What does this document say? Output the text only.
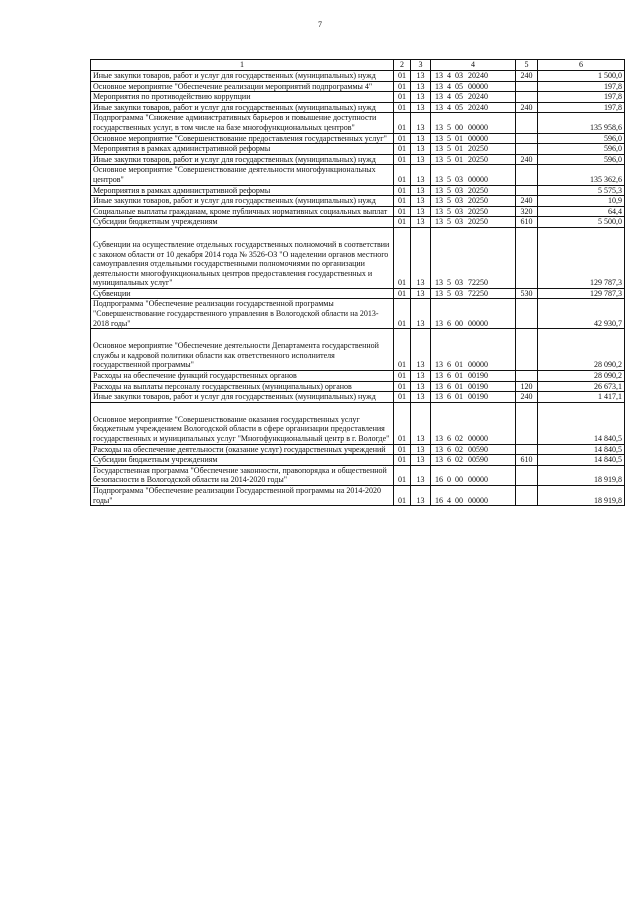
7
1	2	3	4	5	6
Иные закупки товаров, работ и услуг для государственных (муниципальных) нужд	01	13	13 4 03 20240	240	1 500,0
Основное мероприятие "Обеспечение реализации мероприятий подпрограммы 4"	01	13	13 4 05 00000		197,8
Мероприятия по противодействию коррупции	01	13	13 4 05 20240		197,8
Иные закупки товаров, работ и услуг для государственных (муниципальных) нужд	01	13	13 4 05 20240	240	197,8
Подпрограмма "Снижение административных барьеров и повышение доступности государственных услуг, в том числе на базе многофункциональных центров"	01	13	13 5 00 00000		135 958,6
Основное мероприятие "Совершенствование предоставления государственных услуг"	01	13	13 5 01 00000		596,0
Мероприятия в рамках административной реформы	01	13	13 5 01 20250		596,0
Иные закупки товаров, работ и услуг для государственных (муниципальных) нужд	01	13	13 5 01 20250	240	596,0
Основное мероприятие "Совершенствование деятельности многофункциональных центров"	01	13	13 5 03 00000		135 362,6
Мероприятия в рамках административной реформы	01	13	13 5 03 20250		5 575,3
Иные закупки товаров, работ и услуг для государственных (муниципальных) нужд	01	13	13 5 03 20250	240	10,9
Социальные выплаты гражданам, кроме публичных нормативных социальных выплат	01	13	13 5 03 20250	320	64,4
Субсидии бюджетным учреждениям	01	13	13 5 03 20250	610	5 500,0
Субвенции на осуществление отдельных государственных полномочий в соответствии с законом области от 10 декабря 2014 года № 3526-ОЗ "О наделении органов местного самоуправления отдельными государственными полномочиями по организации деятельности многофункциональных центров предоставления государственных и муниципальных услуг"	01	13	13 5 03 72250		129 787,3
Субвенции	01	13	13 5 03 72250	530	129 787,3
Подпрограмма "Обеспечение реализации государственной программы "Совершенствование государственного управления в Вологодской области на 2013-2018 годы"	01	13	13 6 00 00000		42 930,7
Основное мероприятие "Обеспечение деятельности Департамента государственной службы и кадровой политики области как ответственного исполнителя государственной программы"	01	13	13 6 01 00000		28 090,2
Расходы на обеспечение функций государственных органов	01	13	13 6 01 00190		28 090,2
Расходы на выплаты персоналу государственных (муниципальных) органов	01	13	13 6 01 00190	120	26 673,1
Иные закупки товаров, работ и услуг для государственных (муниципальных) нужд	01	13	13 6 01 00190	240	1 417,1
Основное мероприятие "Совершенствование оказания государственных услуг бюджетным учреждением Вологодской области в сфере организации предоставления государственных и муниципальных услуг "Многофункциональный центр в г. Вологде"	01	13	13 6 02 00000		14 840,5
Расходы на обеспечение деятельности (оказание услуг) государственных учреждений	01	13	13 6 02 00590		14 840,5
Субсидии бюджетным учреждениям	01	13	13 6 02 00590	610	14 840,5
Государственная программа "Обеспечение законности, правопорядка и общественной безопасности в Вологодской области на 2014-2020 годы"	01	13	16 0 00 00000		18 919,8
Подпрограмма "Обеспечение реализации Государственной программы на 2014-2020 годы"	01	13	16 4 00 00000		18 919,8
